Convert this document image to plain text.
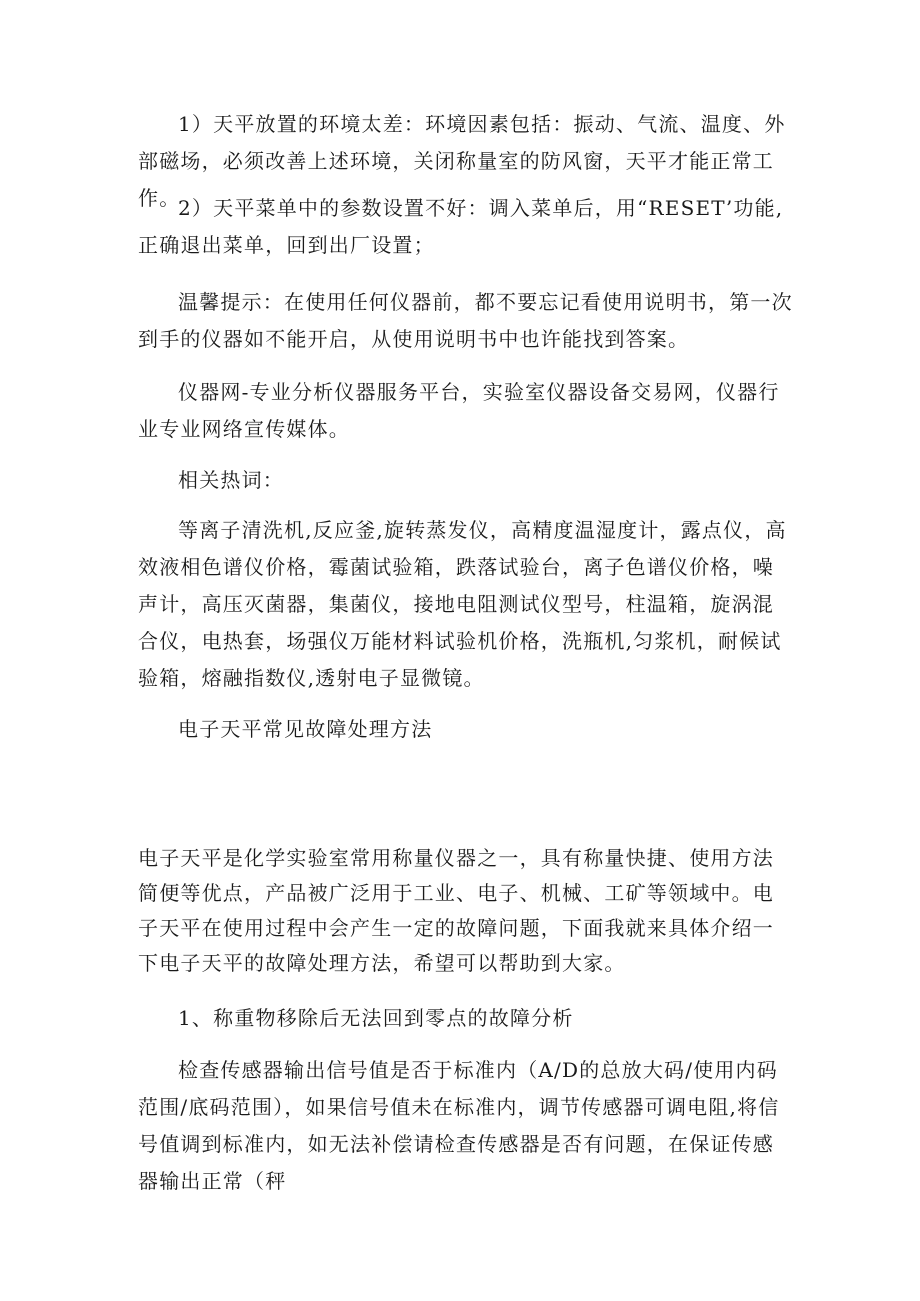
1）天平放置的环境太差：环境因素包括：振动、气流、温度、外部磁场，必须改善上述环境，关闭称量室的防风窗，天平才能正常工作。

2）天平菜单中的参数设置不好：调入菜单后，用“RESET’功能,正确退出菜单，回到出厂设置；

温馨提示：在使用任何仪器前，都不要忘记看使用说明书，第一次到手的仪器如不能开启，从使用说明书中也许能找到答案。

仪器网-专业分析仪器服务平台，实验室仪器设备交易网，仪器行业专业网络宣传媒体。

相关热词：

等离子清洗机,反应釜,旋转蒸发仪，高精度温湿度计，露点仪，高效液相色谱仪价格，霉菌试验箱，跌落试验台，离子色谱仪价格，噪声计，高压灭菌器，集菌仪，接地电阻测试仪型号，柱温箱，旋涡混合仪，电热套，场强仪万能材料试验机价格，洗瓶机,匀浆机，耐候试验箱，熔融指数仪,透射电子显微镜。

电子天平常见故障处理方法

电子天平是化学实验室常用称量仪器之一，具有称量快捷、使用方法简便等优点，产品被广泛用于工业、电子、机械、工矿等领域中。电子天平在使用过程中会产生一定的故障问题，下面我就来具体介绍一下电子天平的故障处理方法，希望可以帮助到大家。

1、称重物移除后无法回到零点的故障分析

检查传感器输出信号值是否于标准内（A/D的总放大码/使用内码范围/底码范围），如果信号值未在标准内，调节传感器可调电阻,将信号值调到标准内，如无法补偿请检查传感器是否有问题，在保证传感器输出正常（秤
